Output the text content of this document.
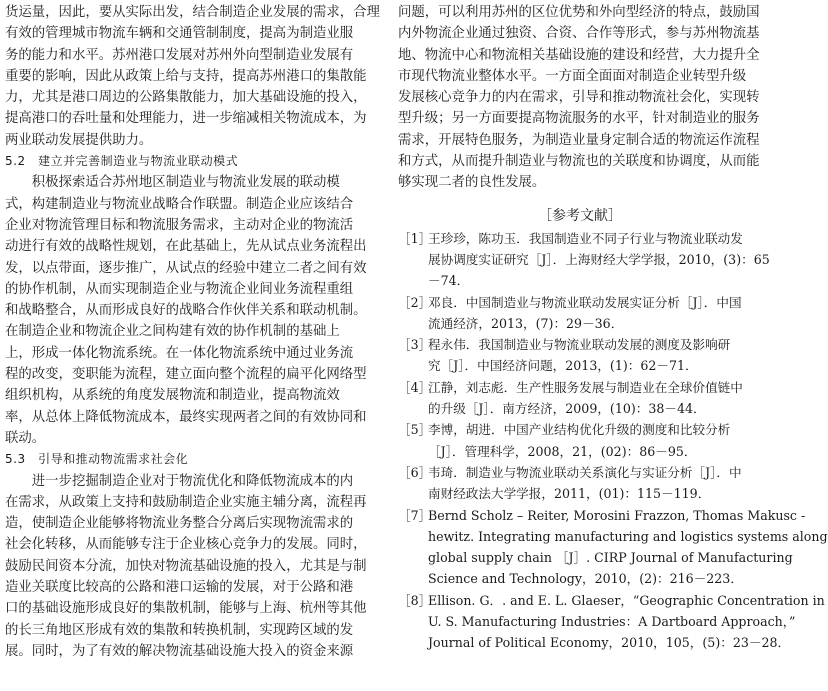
货运量，因此，要从实际出发，结合制造企业发展的需求，合理
有效的管理城市物流车辆和交通管制制度，提高为制造业服
务的能力和水平。苏州港口发展对苏州外向型制造业发展有
重要的影响，因此从政策上给与支持，提高苏州港口的集散能
力，尤其是港口周边的公路集散能力，加大基础设施的投入，
提高港口的吞吐量和处理能力，进一步缩减相关物流成本，为
两业联动发展提供助力。
5.2　建立并完善制造业与物流业联动模式
　　积极探索适合苏州地区制造业与物流业发展的联动模
式，构建制造业与物流业战略合作联盟。制造企业应该结合
企业对物流管理目标和物流服务需求，主动对企业的物流活
动进行有效的战略性规划，在此基础上，先从试点业务流程出
发，以点带面，逐步推广，从试点的经验中建立二者之间有效
的协作机制，从而实现制造企业与物流企业间业务流程重组
和战略整合，从而形成良好的战略合作伙伴关系和联动机制。
在制造企业和物流企业之间构建有效的协作机制的基础上
上，形成一体化物流系统。在一体化物流系统中通过业务流
程的改变，变职能为流程，建立面向整个流程的扁平化网络型
组织机构，从系统的角度发展物流和制造业，提高物流效
率，从总体上降低物流成本，最终实现两者之间的有效协同和
联动。
5.3　引导和推动物流需求社会化
　　进一步挖掘制造企业对于物流优化和降低物流成本的内
在需求，从政策上支持和鼓励制造企业实施主辅分离，流程再
造，使制造企业能够将物流业务整合分离后实现物流需求的
社会化转移，从而能够专注于企业核心竞争力的发展。同时，
鼓励民间资本分流，加快对物流基础设施的投入，尤其是与制
造业关联度比较高的公路和港口运输的发展，对于公路和港
口的基础设施形成良好的集散机制，能够与上海、杭州等其他
的长三角地区形成有效的集散和转换机制，实现跨区域的发
展。同时，为了有效的解决物流基础设施大投入的资金来源
问题，可以利用苏州的区位优势和外向型经济的特点，鼓励国
内外物流企业通过独资、合资、合作等形式，参与苏州物流基
地、物流中心和物流相关基础设施的建设和经营，大力提升全
市现代物流业整体水平。一方面全面面对制造企业转型升级
发展核心竞争力的内在需求，引导和推动物流社会化，实现转
型升级；另一方面要提高物流服务的水平，针对制造业的服务
需求，开展特色服务，为制造业量身定制合适的物流运作流程
和方式，从而提升制造业与物流也的关联度和协调度，从而能
够实现二者的良性发展。
［参考文献］
［1］
王珍珍，陈功玉．我国制造业不同子行业与物流业联动发
展协调度实证研究［J］．上海财经大学学报，2010，(3)：65
－74．
［2］
邓良．中国制造业与物流业联动发展实证分析［J］．中国
流通经济，2013，(7)：29－36．
［3］
程永伟．我国制造业与物流业联动发展的测度及影响研
究［J］．中国经济问题，2013，(1)：62－71．
［4］
江静，刘志彪．生产性服务发展与制造业在全球价值链中
的升级［J］．南方经济，2009，(10)：38－44．
［5］
李博，胡进．中国产业结构优化升级的测度和比较分析
［J］．管理科学，2008，21，(02)：86－95．
［6］
韦琦．制造业与物流业联动关系演化与实证分析［J］．中
南财经政法大学学报，2011，(01)：115－119．
［7］
Bernd Scholz – Reiter, Morosini Frazzon, Thomas Makusc -
hewitz. Integrating manufacturing and logistics systems along
global supply chain ［J］. CIRP Journal of Manufacturing
Science and Technology，2010，(2)：216－223．
［8］
Ellison. G．. and E. L. Glaeser，“Geographic Concentration in
U. S. Manufacturing Industries：A Dartboard Approach，”
Journal of Political Economy，2010，105，(5)：23－28．
